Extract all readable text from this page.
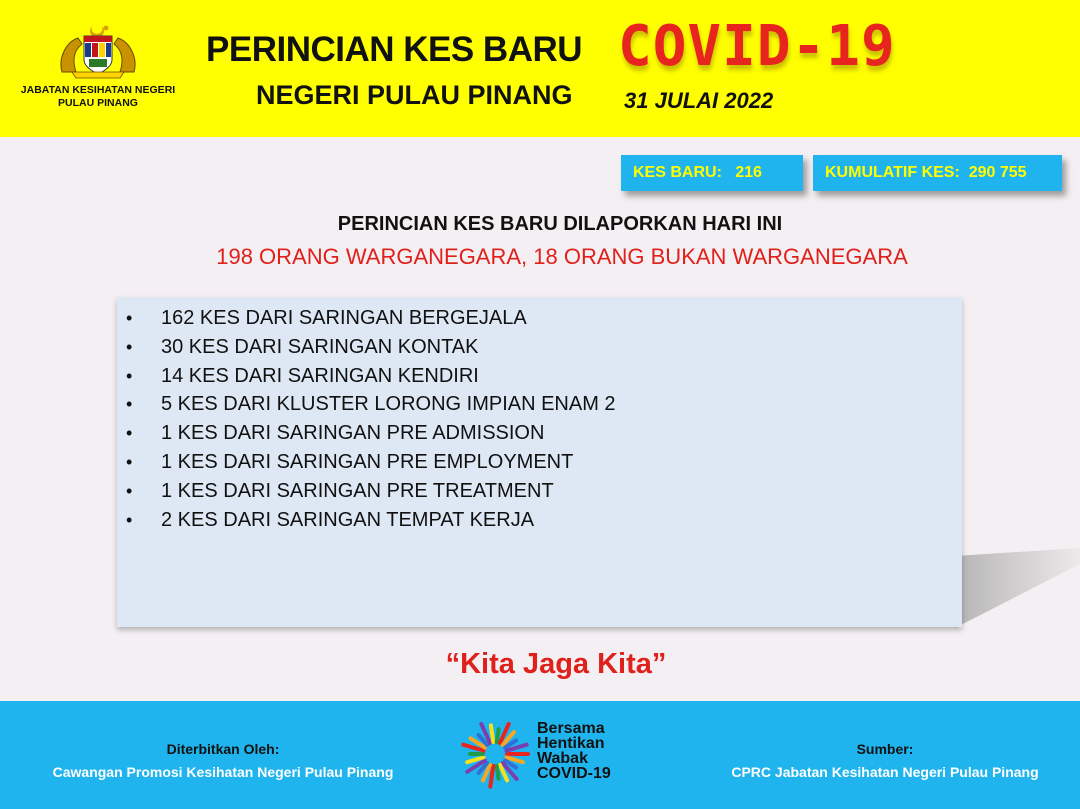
JABATAN KESIHATAN NEGERI
PULAU PINANG
PERINCIAN KES BARU
NEGERI PULAU PINANG
COVID-19
31 JULAI 2022
KES BARU:   216	KUMULATIF KES:  290 755
PERINCIAN KES BARU DILAPORKAN HARI INI
198 ORANG WARGANEGARA, 18 ORANG BUKAN WARGANEGARA
• 162 KES DARI SARINGAN BERGEJALA
• 30 KES DARI SARINGAN KONTAK
• 14 KES DARI SARINGAN KENDIRI
• 5 KES DARI KLUSTER LORONG IMPIAN ENAM 2
• 1 KES DARI SARINGAN PRE ADMISSION
• 1 KES DARI SARINGAN PRE EMPLOYMENT
• 1 KES DARI SARINGAN PRE TREATMENT
• 2 KES DARI SARINGAN TEMPAT KERJA
“Kita Jaga Kita”
Diterbitkan Oleh:
Cawangan Promosi Kesihatan Negeri Pulau Pinang
Bersama
Hentikan
Wabak
COVID-19
Sumber:
CPRC Jabatan Kesihatan Negeri Pulau Pinang
